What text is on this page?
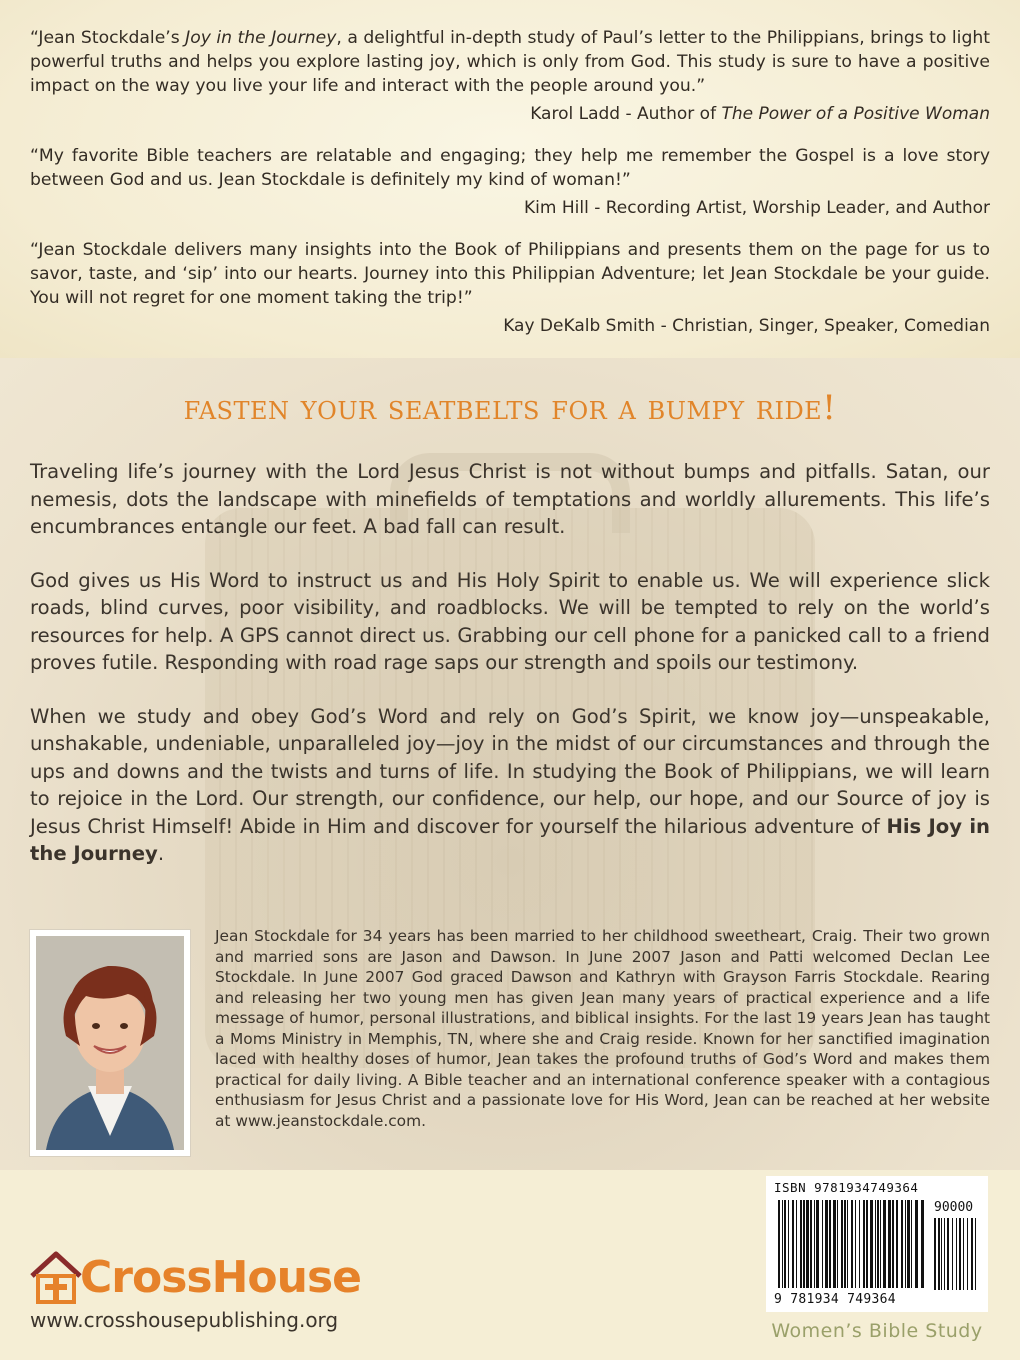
“Jean Stockdale’s Joy in the Journey, a delightful in-depth study of Paul’s letter to the Philippians, brings to light powerful truths and helps you explore lasting joy, which is only from God. This study is sure to have a positive impact on the way you live your life and interact with the people around you.”

Karol Ladd - Author of The Power of a Positive Woman

“My favorite Bible teachers are relatable and engaging; they help me remember the Gospel is a love story between God and us. Jean Stockdale is definitely my kind of woman!”

Kim Hill - Recording Artist, Worship Leader, and Author

“Jean Stockdale delivers many insights into the Book of Philippians and presents them on the page for us to savor, taste, and ‘sip’ into our hearts. Journey into this Philippian Adventure; let Jean Stockdale be your guide. You will not regret for one moment taking the trip!”

Kay DeKalb Smith - Christian, Singer, Speaker, Comedian
fasten your seatbelts for a bumpy ride!

Traveling life’s journey with the Lord Jesus Christ is not without bumps and pitfalls. Satan, our nemesis, dots the landscape with minefields of temptations and worldly allurements. This life’s encumbrances entangle our feet. A bad fall can result.

God gives us His Word to instruct us and His Holy Spirit to enable us. We will experience slick roads, blind curves, poor visibility, and roadblocks. We will be tempted to rely on the world’s resources for help. A GPS cannot direct us. Grabbing our cell phone for a panicked call to a friend proves futile. Responding with road rage saps our strength and spoils our testimony.

When we study and obey God’s Word and rely on God’s Spirit, we know joy—unspeakable, unshakable, undeniable, unparalleled joy—joy in the midst of our circumstances and through the ups and downs and the twists and turns of life. In studying the Book of Philippians, we will learn to rejoice in the Lord. Our strength, our confidence, our help, our hope, and our Source of joy is Jesus Christ Himself! Abide in Him and discover for yourself the hilarious adventure of His Joy in the Journey.

Jean Stockdale for 34 years has been married to her childhood sweetheart, Craig. Their two grown and married sons are Jason and Dawson. In June 2007 Jason and Patti welcomed Declan Lee Stockdale. In June 2007 God graced Dawson and Kathryn with Grayson Farris Stockdale. Rearing and releasing her two young men has given Jean many years of practical experience and a life message of humor, personal illustrations, and biblical insights. For the last 19 years Jean has taught a Moms Ministry in Memphis, TN, where she and Craig reside. Known for her sanctified imagination laced with healthy doses of humor, Jean takes the profound truths of God’s Word and makes them practical for daily living. A Bible teacher and an international conference speaker with a contagious enthusiasm for Jesus Christ and a passionate love for His Word, Jean can be reached at her website at www.jeanstockdale.com.
CrossHouse
www.crosshousepublishing.org
ISBN 9781934749364
90000
9 781934 749364
Women’s Bible Study
